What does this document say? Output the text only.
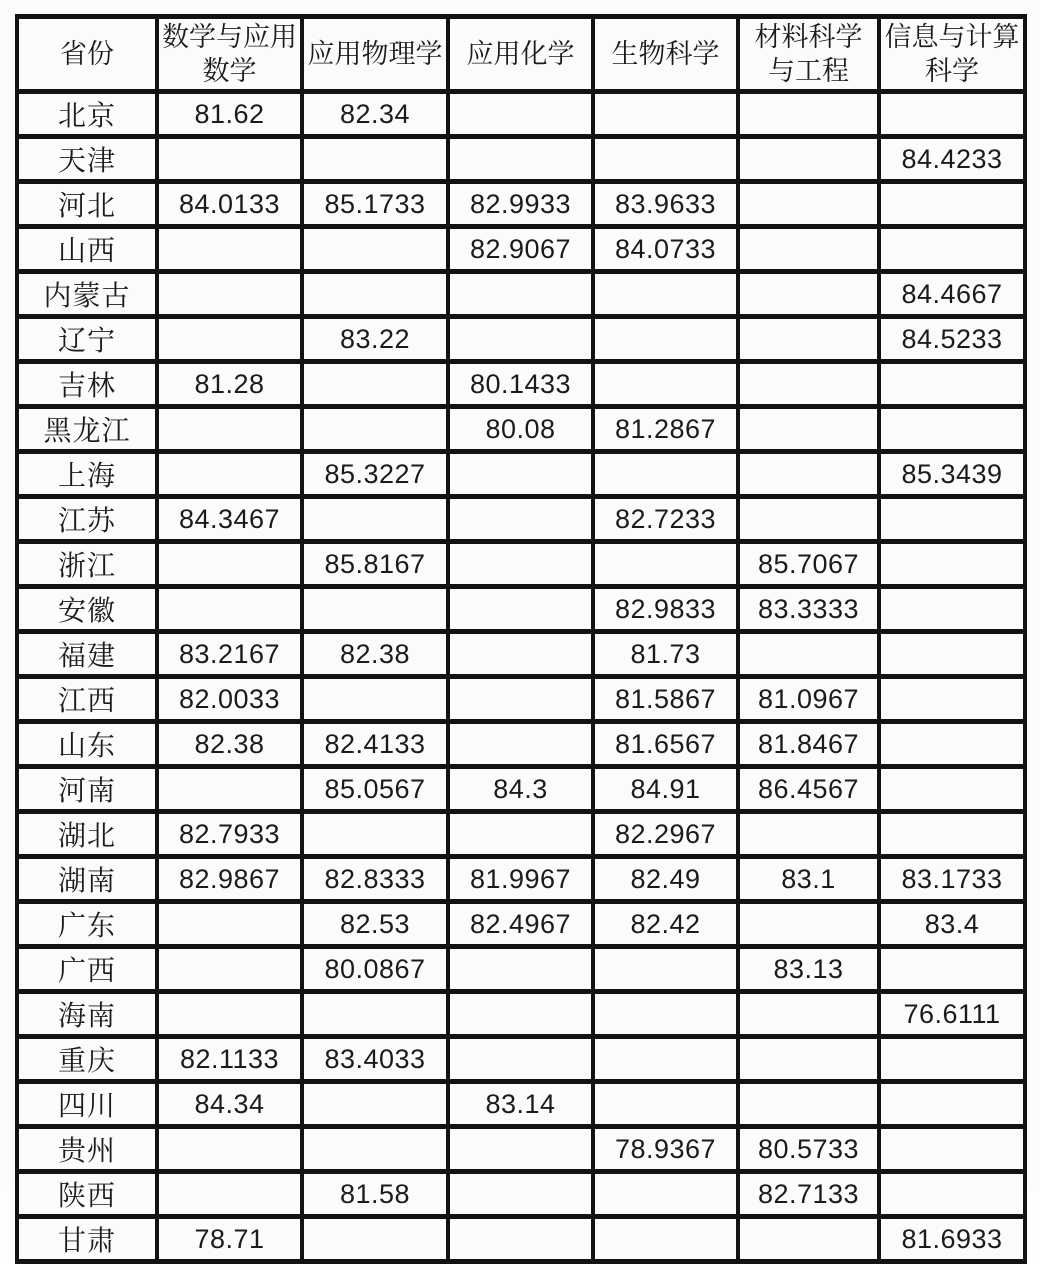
省份	数学与应用数学	应用物理学	应用化学	生物科学	材料科学与工程	信息与计算科学
北京	81.62	82.34				
天津						84.4233
河北	84.0133	85.1733	82.9933	83.9633		
山西			82.9067	84.0733		
内蒙古						84.4667
辽宁		83.22				84.5233
吉林	81.28		80.1433			
黑龙江			80.08	81.2867		
上海		85.3227				85.3439
江苏	84.3467			82.7233		
浙江		85.8167			85.7067	
安徽				82.9833	83.3333	
福建	83.2167	82.38		81.73		
江西	82.0033			81.5867	81.0967	
山东	82.38	82.4133		81.6567	81.8467	
河南		85.0567	84.3	84.91	86.4567	
湖北	82.7933			82.2967		
湖南	82.9867	82.8333	81.9967	82.49	83.1	83.1733
广东		82.53	82.4967	82.42		83.4
广西		80.0867			83.13	
海南						76.6111
重庆	82.1133	83.4033				
四川	84.34		83.14			
贵州				78.9367	80.5733	
陕西		81.58			82.7133	
甘肃	78.71					81.6933
